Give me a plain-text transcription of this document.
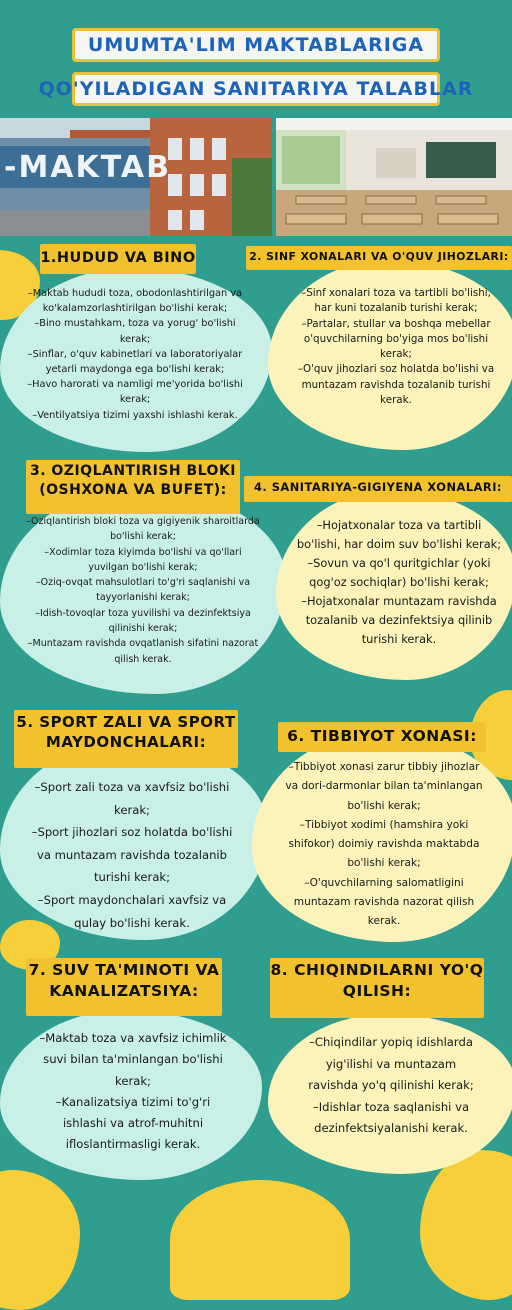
UMUMTA'LIM MAKTABLARIGA
QO'YILADIGAN SANITARIYA TALABLAR
-MAKTAB
1.HUDUD VA BINO
–Maktab hududi toza, obodonlashtirilgan va
ko'kalamzorlashtirilgan bo'lishi kerak;
–Bino mustahkam, toza va yorug' bo'lishi
kerak;
–Sinflar, o'quv kabinetlari va laboratoriyalar
yetarli maydonga ega bo'lishi kerak;
–Havo harorati va namligi me'yorida bo'lishi
kerak;
–Ventilyatsiya tizimi yaxshi ishlashi kerak.
2. SINF XONALARI VA O'QUV JIHOZLARI:
–Sinf xonalari toza va tartibli bo'lishi,
har kuni tozalanib turishi kerak;
–Partalar, stullar va boshqa mebellar
o'quvchilarning bo'yiga mos bo'lishi
kerak;
–O'quv jihozlari soz holatda bo'lishi va
muntazam ravishda tozalanib turishi
kerak.
3. OZIQLANTIRISH BLOKI
(OSHXONA VA BUFET):
–Oziqlantirish bloki toza va gigiyenik sharoitlarda
bo'lishi kerak;
–Xodimlar toza kiyimda bo'lishi va qo'llari
yuvilgan bo'lishi kerak;
–Oziq-ovqat mahsulotlari to'g'ri saqlanishi va
tayyorlanishi kerak;
–Idish-tovoqlar toza yuvilishi va dezinfektsiya
qilinishi kerak;
–Muntazam ravishda ovqatlanish sifatini nazorat
qilish kerak.
4. SANITARIYA-GIGIYENA XONALARI:
–Hojatxonalar toza va tartibli
bo'lishi, har doim suv bo'lishi kerak;
–Sovun va qo'l quritgichlar (yoki
qog'oz sochiqlar) bo'lishi kerak;
–Hojatxonalar muntazam ravishda
tozalanib va dezinfektsiya qilinib
turishi kerak.
5. SPORT ZALI VA SPORT
MAYDONCHALARI:
–Sport zali toza va xavfsiz bo'lishi
kerak;
–Sport jihozlari soz holatda bo'lishi
va muntazam ravishda tozalanib
turishi kerak;
–Sport maydonchalari xavfsiz va
qulay bo'lishi kerak.
6. TIBBIYOT XONASI:
–Tibbiyot xonasi zarur tibbiy jihozlar
va dori-darmonlar bilan ta'minlangan
bo'lishi kerak;
–Tibbiyot xodimi (hamshira yoki
shifokor) doimiy ravishda maktabda
bo'lishi kerak;
–O'quvchilarning salomatligini
muntazam ravishda nazorat qilish
kerak.
7. SUV TA'MINOTI VA
KANALIZATSIYA:
–Maktab toza va xavfsiz ichimlik
suvi bilan ta'minlangan bo'lishi
kerak;
–Kanalizatsiya tizimi to'g'ri
ishlashi va atrof-muhitni
ifloslantirmasligi kerak.
8. CHIQINDILARNI YO'Q
QILISH:
–Chiqindilar yopiq idishlarda
yig'ilishi va muntazam
ravishda yo'q qilinishi kerak;
–Idishlar toza saqlanishi va
dezinfektsiyalanishi kerak.
